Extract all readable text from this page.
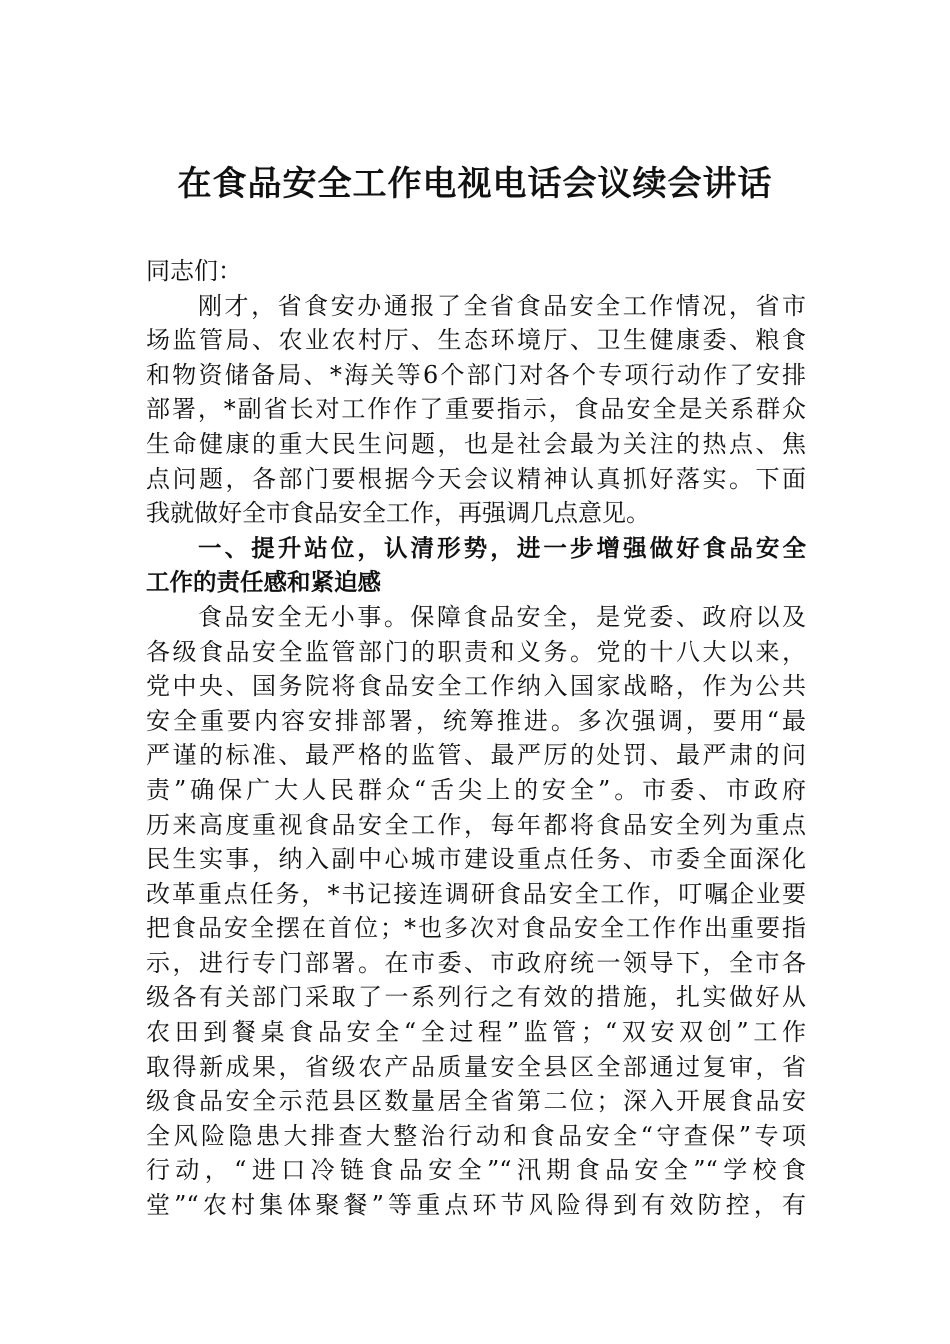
在食品安全工作电视电话会议续会讲话
同志们：
刚才，省食安办通报了全省食品安全工作情况，省市
场监管局、农业农村厅、生态环境厅、卫生健康委、粮食
和物资储备局、*海关等6个部门对各个专项行动作了安排
部署，*副省长对工作作了重要指示，食品安全是关系群众
生命健康的重大民生问题，也是社会最为关注的热点、焦
点问题，各部门要根据今天会议精神认真抓好落实。下面
我就做好全市食品安全工作，再强调几点意见。
一、提升站位，认清形势，进一步增强做好食品安全
工作的责任感和紧迫感
食品安全无小事。保障食品安全，是党委、政府以及
各级食品安全监管部门的职责和义务。党的十八大以来，
党中央、国务院将食品安全工作纳入国家战略，作为公共
安全重要内容安排部署，统筹推进。多次强调，要用“最
严谨的标准、最严格的监管、最严厉的处罚、最严肃的问
责”确保广大人民群众“舌尖上的安全”。市委、市政府
历来高度重视食品安全工作，每年都将食品安全列为重点
民生实事，纳入副中心城市建设重点任务、市委全面深化
改革重点任务，*书记接连调研食品安全工作，叮嘱企业要
把食品安全摆在首位；*也多次对食品安全工作作出重要指
示，进行专门部署。在市委、市政府统一领导下，全市各
级各有关部门采取了一系列行之有效的措施，扎实做好从
农田到餐桌食品安全“全过程”监管；“双安双创”工作
取得新成果，省级农产品质量安全县区全部通过复审，省
级食品安全示范县区数量居全省第二位；深入开展食品安
全风险隐患大排查大整治行动和食品安全“守查保”专项
行动，“进口冷链食品安全”“汛期食品安全”“学校食
堂”“农村集体聚餐”等重点环节风险得到有效防控，有
